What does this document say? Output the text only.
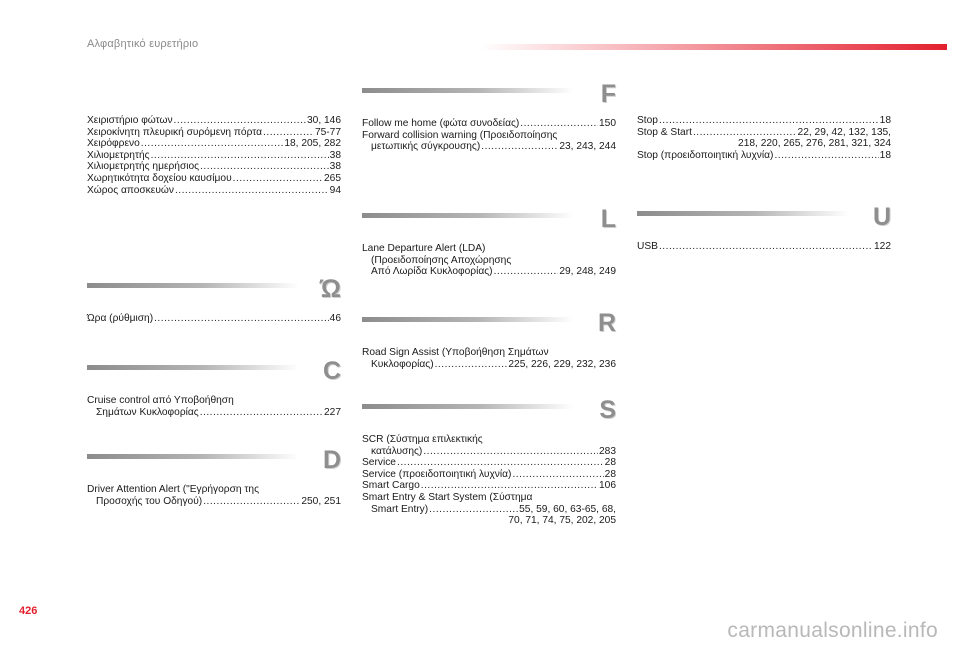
Αλφαβητικό ευρετήριο
Χειριστήριο φώτων .....	30, 146
Χειροκίνητη πλευρική συρόμενη πόρτα .....	75-77
Χειρόφρενο .....	18, 205, 282
Χιλιομετρητής .....	38
Χιλιομετρητής ημερήσιος .....	38
Χωρητικότητα δοχείου καυσίμου .....	265
Χώρος αποσκευών .....	94
Ώ
Ώρα (ρύθμιση) .....	46
C
Cruise control από Υποβοήθηση
Σημάτων Κυκλοφορίας .....	227
D
Driver Attention Alert ("Εγρήγορση της
Προσοχής του Οδηγού) .....	250, 251
F
Follow me home (φώτα συνοδείας) .....	150
Forward collision warning (Προειδοποίησης
μετωπικής σύγκρουσης) .....	23, 243, 244
L
Lane Departure Alert (LDA)
(Προειδοποίησης Αποχώρησης
Από Λωρίδα Κυκλοφορίας) .....	29, 248, 249
R
Road Sign Assist (Υποβοήθηση Σημάτων
Κυκλοφορίας) .....	225, 226, 229, 232, 236
S
SCR (Σύστημα επιλεκτικής
κατάλυσης) .....	283
Service .....	28
Service (προειδοποιητική λυχνία) .....	28
Smart Cargo .....	106
Smart Entry & Start System (Σύστημα
Smart Entry) .....	55, 59, 60, 63-65, 68,
70, 71, 74, 75, 202, 205
Stop .....	18
Stop & Start .....	22, 29, 42, 132, 135,
218, 220, 265, 276, 281, 321, 324
Stop (προειδοποιητική λυχνία) .....	18
U
USB .....	122
426
carmanualsonline.info
